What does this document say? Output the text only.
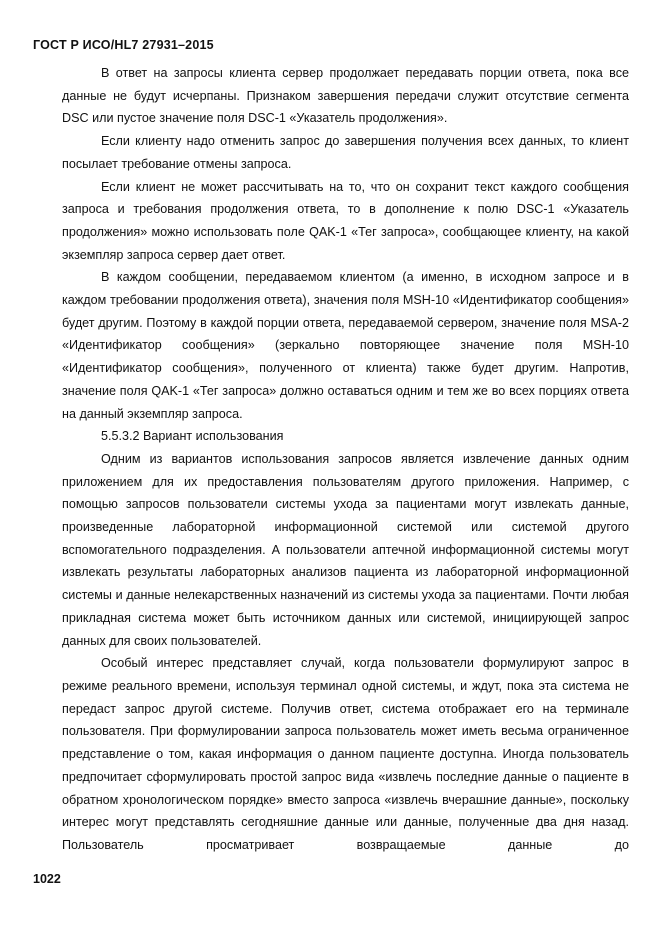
ГОСТ Р ИСО/HL7 27931–2015

В ответ на запросы клиента сервер продолжает передавать порции ответа, пока все данные не будут исчерпаны. Признаком завершения передачи служит отсутствие сегмента DSC или пустое значение поля DSC-1 «Указатель продолжения».

Если клиенту надо отменить запрос до завершения получения всех данных, то клиент посылает требование отмены запроса.

Если клиент не может рассчитывать на то, что он сохранит текст каждого сообщения запроса и требования продолжения ответа, то в дополнение к полю DSC-1 «Указатель продолжения» можно использовать поле QAK-1 «Тег запроса», сообщающее клиенту, на какой экземпляр запроса сервер дает ответ.

В каждом сообщении, передаваемом клиентом (а именно, в исходном запросе и в каждом требовании продолжения ответа), значения поля MSH-10 «Идентификатор сообщения» будет другим. Поэтому в каждой порции ответа, передаваемой сервером, значение поля MSA-2 «Идентификатор сообщения» (зеркально повторяющее значение поля MSH-10 «Идентификатор сообщения», полученного от клиента) также будет другим. Напротив, значение поля QAK-1 «Тег запроса» должно оставаться одним и тем же во всех порциях ответа на данный экземпляр запроса.

5.5.3.2 Вариант использования

Одним из вариантов использования запросов является извлечение данных одним приложением для их предоставления пользователям другого приложения. Например, с помощью запросов пользователи системы ухода за пациентами могут извлекать данные, произведенные лабораторной информационной системой или системой другого вспомогательного подразделения. А пользователи аптечной информационной системы могут извлекать результаты лабораторных анализов пациента из лабораторной информационной системы и данные нелекарственных назначений из системы ухода за пациентами. Почти любая прикладная система может быть источником данных или системой, инициирующей запрос данных для своих пользователей.

Особый интерес представляет случай, когда пользователи формулируют запрос в режиме реального времени, используя терминал одной системы, и ждут, пока эта система не передаст запрос другой системе. Получив ответ, система отображает его на терминале пользователя. При формулировании запроса пользователь может иметь весьма ограниченное представление о том, какая информация о данном пациенте доступна. Иногда пользователь предпочитает сформулировать простой запрос вида «извлечь последние данные о пациенте в обратном хронологическом порядке» вместо запроса «извлечь вчерашние данные», поскольку интерес могут представлять сегодняшние данные или данные, полученные два дня назад. Пользователь просматривает возвращаемые данные до

1022
